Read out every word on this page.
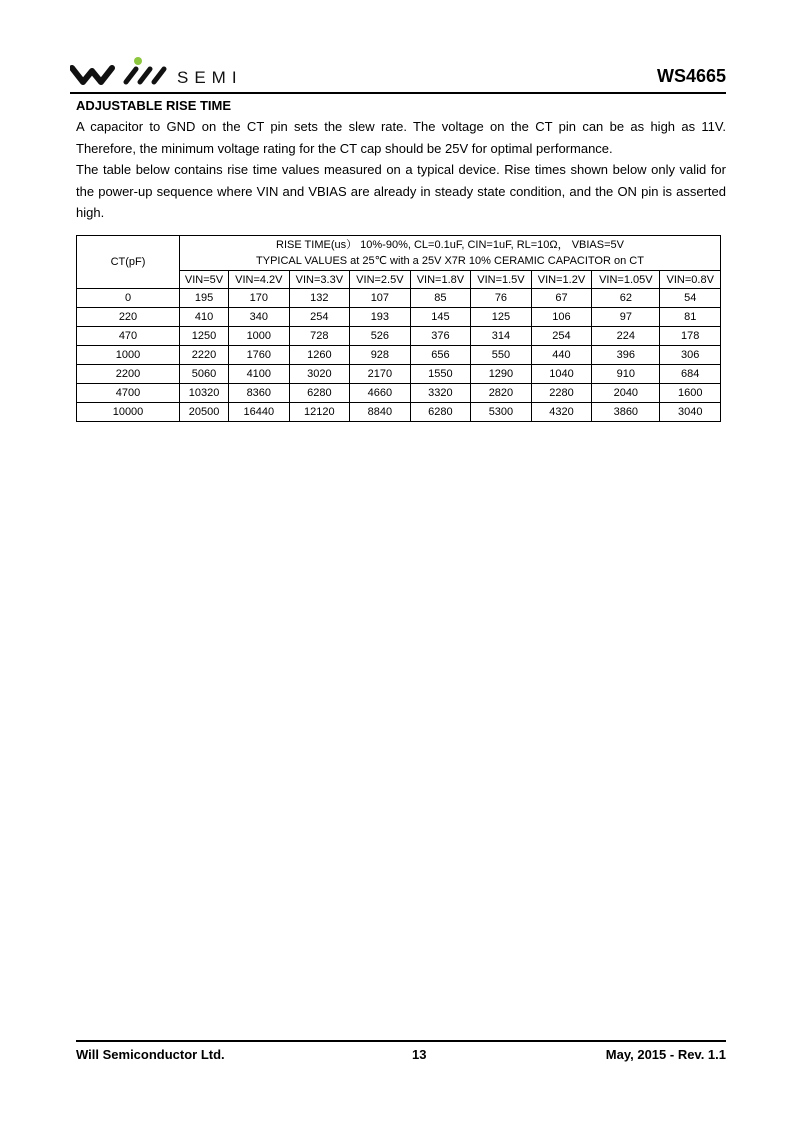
SEMI	WS4665

ADJUSTABLE RISE TIME

A capacitor to GND on the CT pin sets the slew rate. The voltage on the CT pin can be as high as 11V. Therefore, the minimum voltage rating for the CT cap should be 25V for optimal performance.

The table below contains rise time values measured on a typical device. Rise times shown below only valid for the power-up sequence where VIN and VBIAS are already in steady state condition, and the ON pin is asserted high.

CT(pF)	RISE TIME(us） 10%-90%, CL=0.1uF, CIN=1uF, RL=10Ω， VBIAS=5V
TYPICAL VALUES at 25℃ with a 25V X7R 10% CERAMIC CAPACITOR on CT								
	VIN=5V	VIN=4.2V	VIN=3.3V	VIN=2.5V	VIN=1.8V	VIN=1.5V	VIN=1.2V	VIN=1.05V	VIN=0.8V
0	195	170	132	107	85	76	67	62	54
220	410	340	254	193	145	125	106	97	81
470	1250	1000	728	526	376	314	254	224	178
1000	2220	1760	1260	928	656	550	440	396	306
2200	5060	4100	3020	2170	1550	1290	1040	910	684
4700	10320	8360	6280	4660	3320	2820	2280	2040	1600
10000	20500	16440	12120	8840	6280	5300	4320	3860	3040
Will Semiconductor Ltd.	13	May, 2015 - Rev. 1.1
